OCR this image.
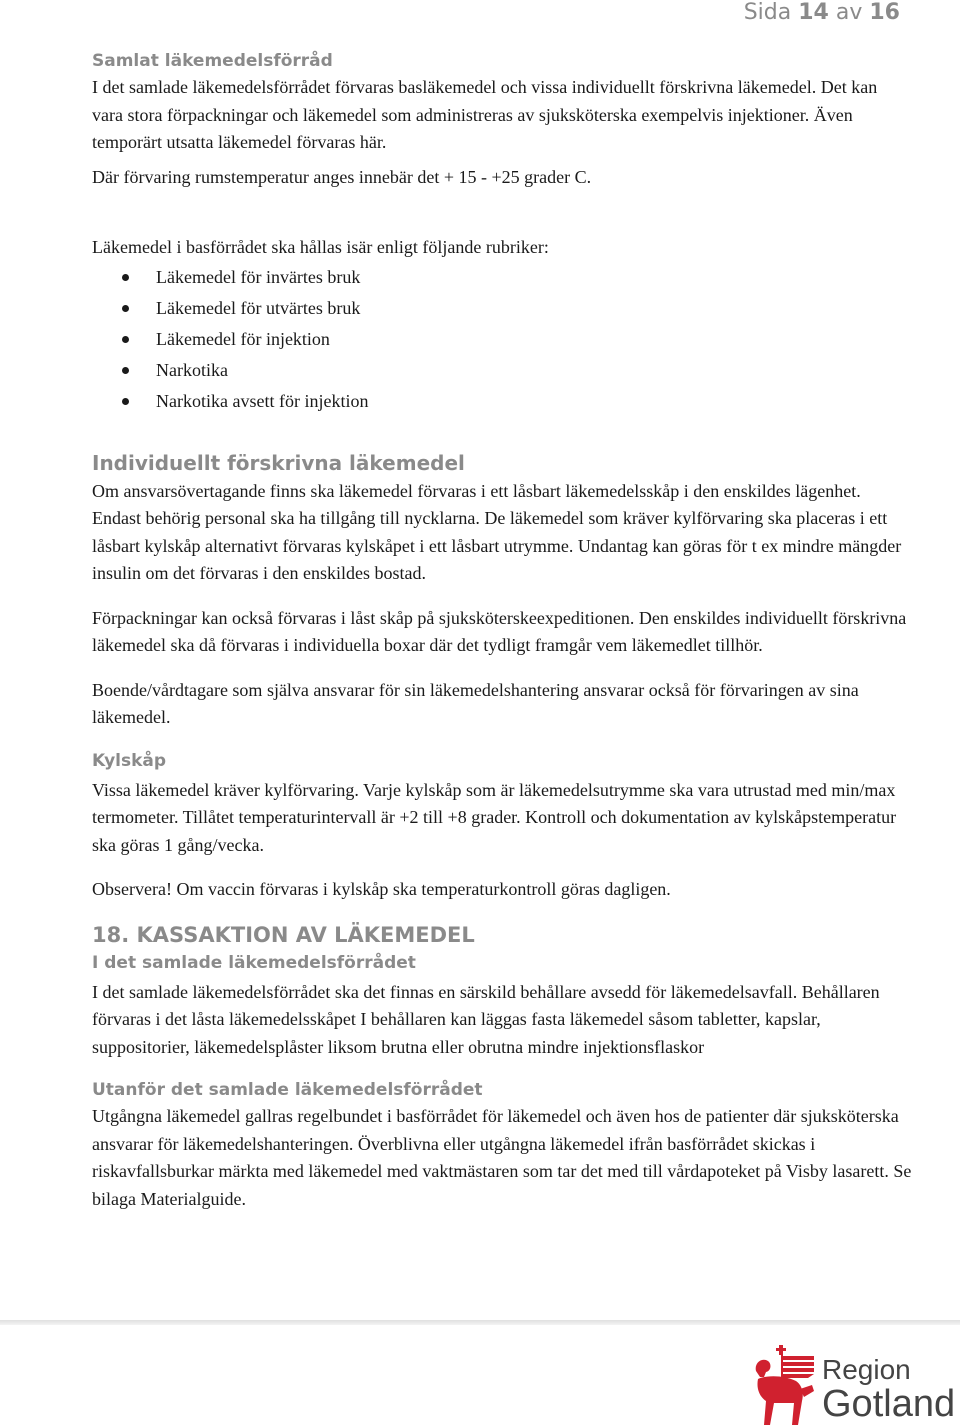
Sida 14 av 16
Samlat läkemedelsförråd

I det samlade läkemedelsförrådet förvaras basläkemedel och vissa individuellt förskrivna läkemedel. Det kan vara stora förpackningar och läkemedel som administreras av sjuksköterska exempelvis injektioner. Även temporärt utsatta läkemedel förvaras här.

Där förvaring rumstemperatur anges innebär det + 15 - +25 grader C.

Läkemedel i basförrådet ska hållas isär enligt följande rubriker:

Läkemedel för invärtes bruk
Läkemedel för utvärtes bruk
Läkemedel för injektion
Narkotika
Narkotika avsett för injektion
Individuellt förskrivna läkemedel

Om ansvarsövertagande finns ska läkemedel förvaras i ett låsbart läkemedelsskåp i den enskildes lägenhet. Endast behörig personal ska ha tillgång till nycklarna. De läkemedel som kräver kylförvaring ska placeras i ett låsbart kylskåp alternativt förvaras kylskåpet i ett låsbart utrymme. Undantag kan göras för t ex mindre mängder insulin om det förvaras i den enskildes bostad.

Förpackningar kan också förvaras i låst skåp på sjuksköterskeexpeditionen. Den enskildes individuellt förskrivna läkemedel ska då förvaras i individuella boxar där det tydligt framgår vem läkemedlet tillhör.

Boende/vårdtagare som själva ansvarar för sin läkemedelshantering ansvarar också för förvaringen av sina läkemedel.

Kylskåp

Vissa läkemedel kräver kylförvaring. Varje kylskåp som är läkemedelsutrymme ska vara utrustad med min/max termometer. Tillåtet temperaturintervall är +2 till +8 grader. Kontroll och dokumentation av kylskåpstemperatur ska göras 1 gång/vecka.

Observera! Om vaccin förvaras i kylskåp ska temperaturkontroll göras dagligen.

18. KASSAKTION AV LÄKEMEDEL
I det samlade läkemedelsförrådet

I det samlade läkemedelsförrådet ska det finnas en särskild behållare avsedd för läkemedelsavfall. Behållaren förvaras i det låsta läkemedelsskåpet I behållaren kan läggas fasta läkemedel såsom tabletter, kapslar, suppositorier, läkemedelsplåster liksom brutna eller obrutna mindre injektionsflaskor

Utanför det samlade läkemedelsförrådet

Utgångna läkemedel gallras regelbundet i basförrådet för läkemedel och även hos de patienter där sjuksköterska ansvarar för läkemedelshanteringen. Överblivna eller utgångna läkemedel ifrån basförrådet skickas i riskavfallsburkar märkta med läkemedel med vaktmästaren som tar det med till vårdapoteket på Visby lasarett. Se bilaga Materialguide.

Region
Gotland
